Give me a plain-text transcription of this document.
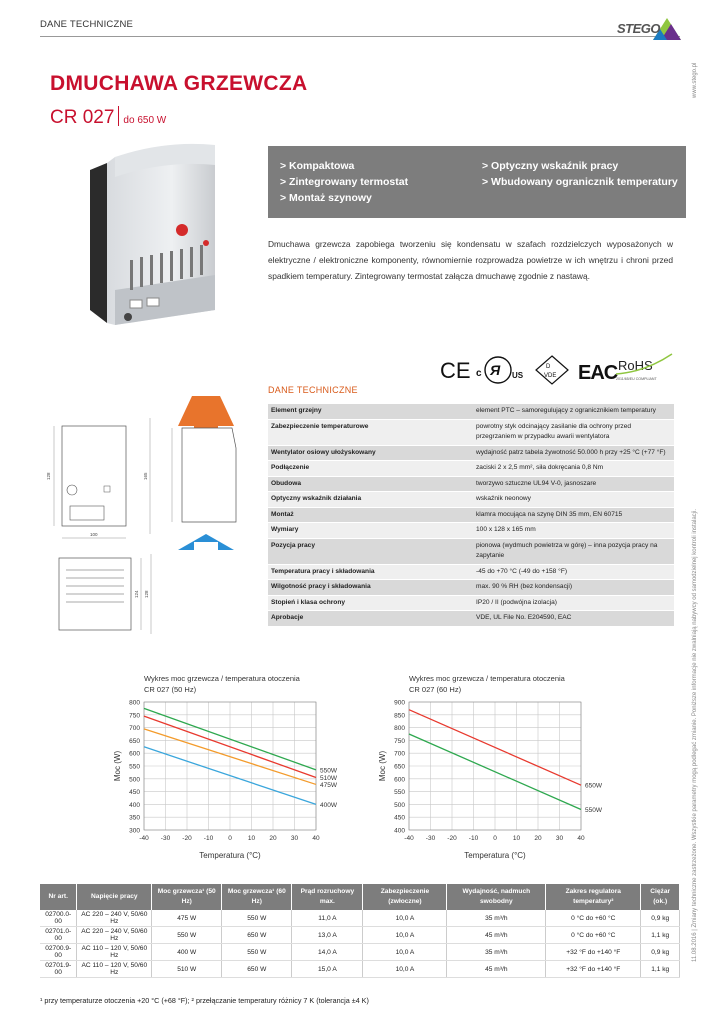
DANE TECHNICZNE	STEGO
www.stego.pl
11.08.2016 | Zmiany techniczne zastrzeżone. Wszystkie parametry mogą podlegać zmianie. Poniższe informacje nie zwalniają nabywcy od samodzielnej kontroli instalacji.
DMUCHAWA GRZEWCZA
CR 027 do 650 W
> Kompaktowa
> Zintegrowany termostat
> Montaż szynowy
> Optyczny wskaźnik pracy
> Wbudowany ogranicznik temperatury
Dmuchawa grzewcza zapobiega tworzeniu się kondensatu w szafach rozdzielczych wyposażonych w elektryczne / elektroniczne komponenty, równomiernie rozprowadza powietrze w ich wnętrzu i chroni przed spadkiem temperatury. Zintegrowany termostat załącza dmuchawę zgodnie z nastawą.
CE c Я US
D
VDE EAC RoHS
2011/65/EU COMPLIANT
128	165
100
124 128
DANE TECHNICZNE
Element grzejny	element PTC – samoregulujący z ogranicznikiem temperatury
Zabezpieczenie temperaturowe	powrotny styk odcinający zasilanie dla ochrony przed przegrzaniem w przypadku awarii wentylatora
Wentylator osiowy ułożyskowany	wydajność patrz tabela żywotność 50.000 h przy +25 °C (+77 °F)
Podłączenie	zaciski 2 x 2,5 mm², siła dokręcania 0,8 Nm
Obudowa	tworzywo sztuczne UL94 V-0, jasnoszare
Optyczny wskaźnik działania	wskaźnik neonowy
Montaż	klamra mocująca na szynę DIN 35 mm, EN 60715
Wymiary	100 x 128 x 165 mm
Pozycja pracy	pionowa (wydmuch powietrza w górę) – inna pozycja pracy na zapytanie
Temperatura pracy i składowania	-45 do +70 °C (-49 do +158 °F)
Wilgotność pracy i składowania	max. 90 % RH (bez kondensacji)
Stopień i klasa ochrony	IP20 / II (podwójna izolacja)
Aprobacje	VDE, UL File No. E204590, EAC
Wykres moc grzewcza / temperatura otoczenia
CR 027 (50 Hz)
300
350
400
450
500
550
600
650
700
750
800
-40 -30 -20 -10 0 10 20 30 40
550W
510W
475W
400W
Temperatura (°C)
Moc (W)
Wykres moc grzewcza / temperatura otoczenia
CR 027 (60 Hz)
400
450
500
550
600
650
700
750
800
850
900
-40 -30 -20 -10 0 10 20 30 40
650W
550W
Temperatura (°C)
Moc (W)
Nr art.	Napięcie pracy	Moc grzewcza¹ (50 Hz)	Moc grzewcza¹ (60 Hz)	Prąd rozruchowy max.	Zabezpieczenie (zwłoczne)	Wydajność, nadmuch swobodny	Zakres regulatora temperatury²	Ciężar (ok.)
02700.0-00	AC 220 – 240 V, 50/60 Hz	475 W	550 W	11,0 A	10,0 A	35 m³/h	0 °C do +60 °C	0,9 kg
02701.0-00	AC 220 – 240 V, 50/60 Hz	550 W	650 W	13,0 A	10,0 A	45 m³/h	0 °C do +60 °C	1,1 kg
02700.9-00	AC 110 – 120 V, 50/60 Hz	400 W	550 W	14,0 A	10,0 A	35 m³/h	+32 °F do +140 °F	0,9 kg
02701.9-00	AC 110 – 120 V, 50/60 Hz	510 W	650 W	15,0 A	10,0 A	45 m³/h	+32 °F do +140 °F	1,1 kg
¹ przy temperaturze otoczenia +20 °C (+68 °F); ² przełączanie temperatury różnicy 7 K (tolerancja ±4 K)
